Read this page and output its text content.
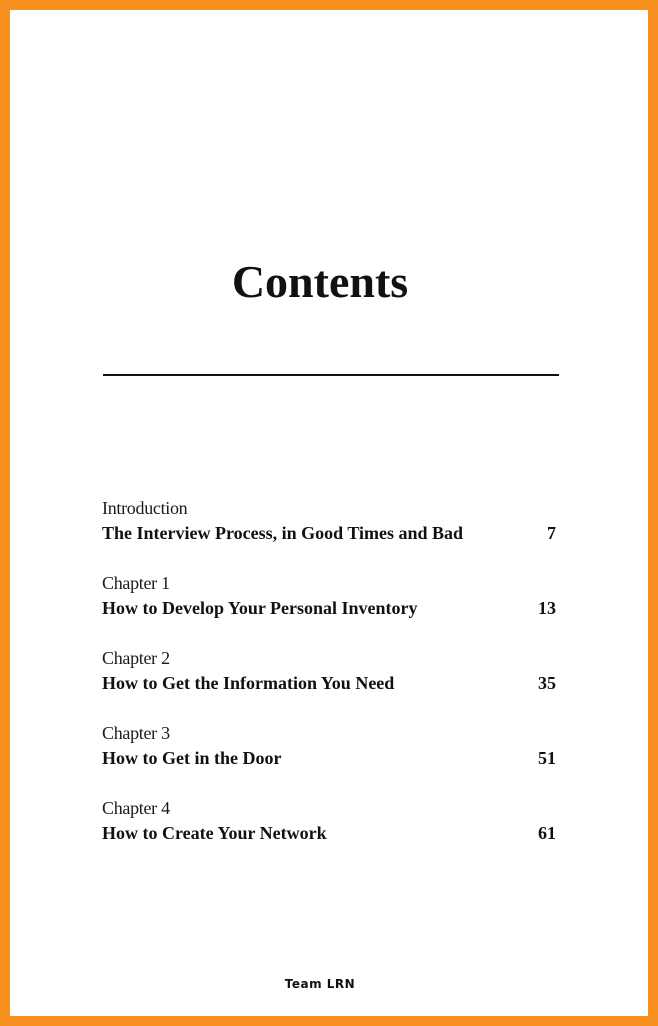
Contents
Introduction
The Interview Process, in Good Times and Bad	7
Chapter 1
How to Develop Your Personal Inventory	13
Chapter 2
How to Get the Information You Need	35
Chapter 3
How to Get in the Door	51
Chapter 4
How to Create Your Network	61
Team LRN
